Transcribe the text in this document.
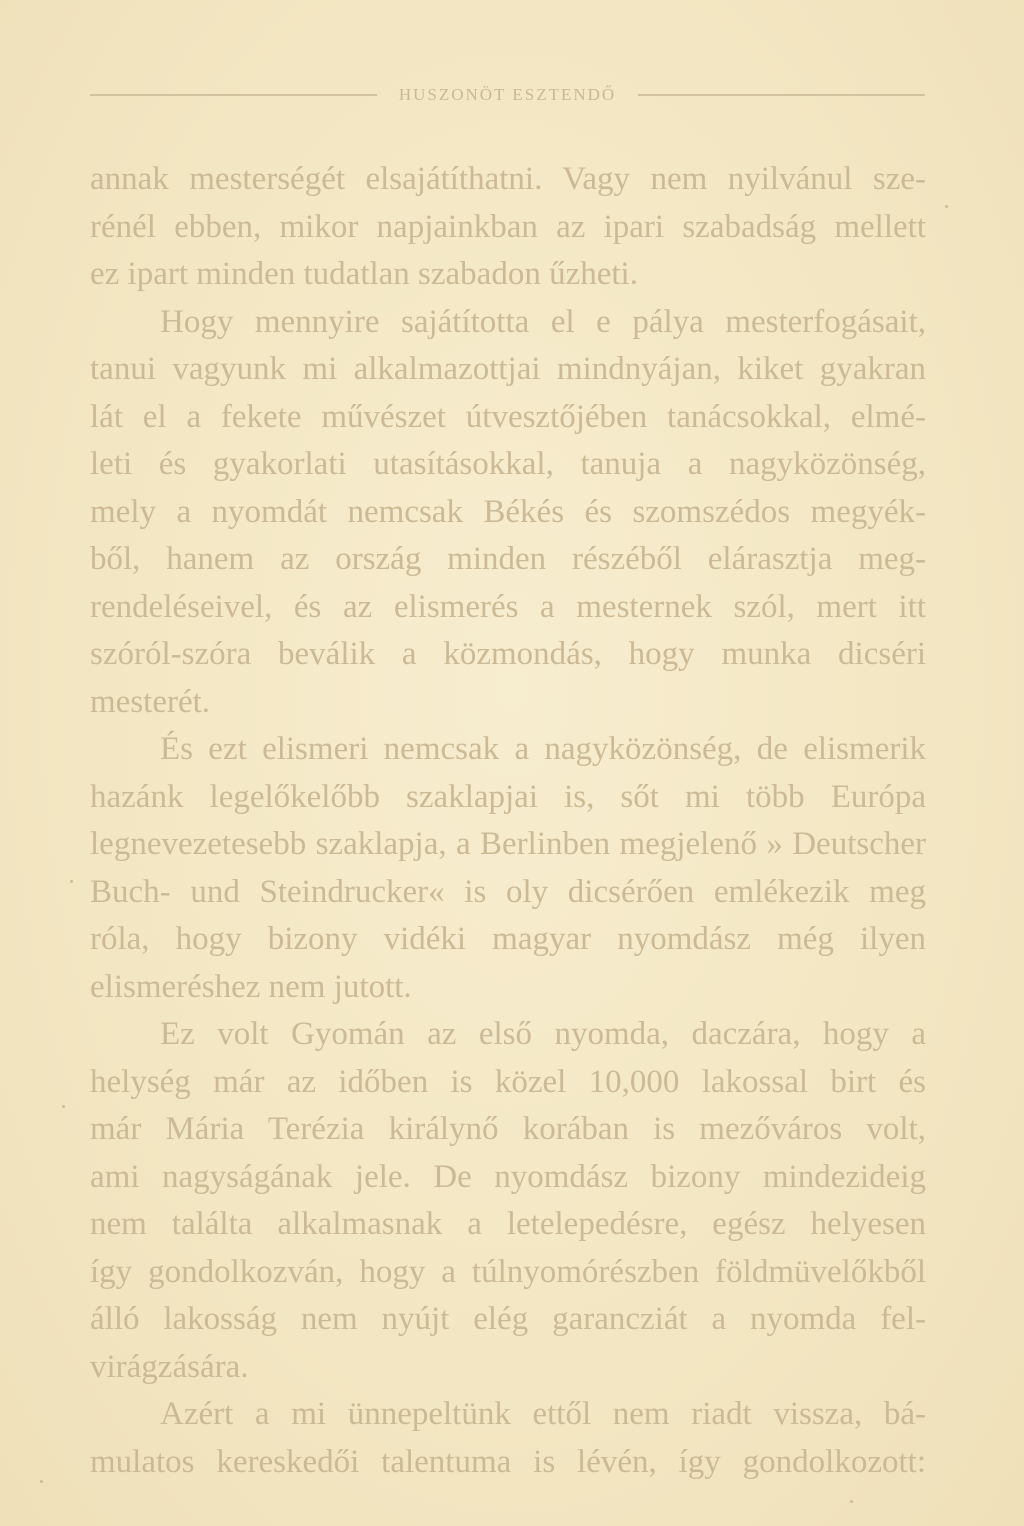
HUSZONÖT ESZTENDŐ
annak mesterségét elsajátíthatni. Vagy nem nyilvánul sze-
rénél ebben, mikor napjainkban az ipari szabadság mellett
ez ipart minden tudatlan szabadon űzheti.
Hogy mennyire sajátította el e pálya mesterfogásait,
tanui vagyunk mi alkalmazottjai mindnyájan, kiket gyakran
lát el a fekete művészet útvesztőjében tanácsokkal, elmé-
leti és gyakorlati utasításokkal, tanuja a nagyközönség,
mely a nyomdát nemcsak Békés és szomszédos megyék-
ből, hanem az ország minden részéből elárasztja meg-
rendeléseivel, és az elismerés a mesternek szól, mert itt
szóról-szóra beválik a közmondás, hogy munka dicséri
mesterét.
És ezt elismeri nemcsak a nagyközönség, de elismerik
hazánk legelőkelőbb szaklapjai is, sőt mi több Európa
legnevezetesebb szaklapja, a Berlinben megjelenő » Deutscher
Buch- und Steindrucker« is oly dicsérően emlékezik meg
róla, hogy bizony vidéki magyar nyomdász még ilyen
elismeréshez nem jutott.
Ez volt Gyomán az első nyomda, daczára, hogy a
helység már az időben is közel 10,000 lakossal birt és
már Mária Terézia királynő korában is mezőváros volt,
ami nagyságának jele. De nyomdász bizony mindezideig
nem találta alkalmasnak a letelepedésre, egész helyesen
így gondolkozván, hogy a túlnyomórészben földmüvelőkből
álló lakosság nem nyújt elég garancziát a nyomda fel-
virágzására.
Azért a mi ünnepeltünk ettől nem riadt vissza, bá-
mulatos kereskedői talentuma is lévén, így gondolkozott:
